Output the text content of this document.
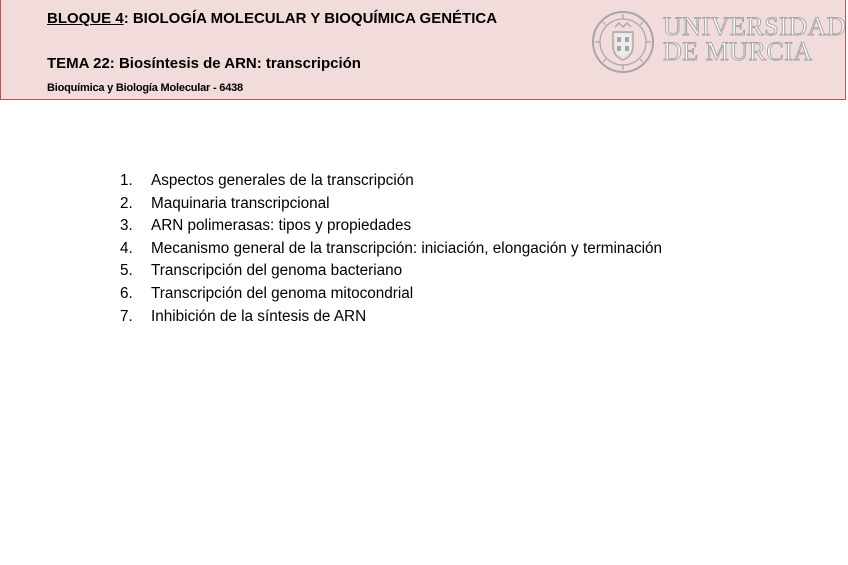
BLOQUE 4: BIOLOGÍA MOLECULAR Y BIOQUÍMICA GENÉTICA
TEMA 22: Biosíntesis de ARN: transcripción
Bioquímica y Biología Molecular - 6438
UNIVERSIDAD
DE MURCIA
1.	Aspectos generales de la transcripción
2.	Maquinaria transcripcional
3.	ARN polimerasas: tipos y propiedades
4.	Mecanismo general de la transcripción: iniciación, elongación y terminación
5.	Transcripción del genoma bacteriano
6.	Transcripción del genoma mitocondrial
7.	Inhibición de la síntesis de ARN
